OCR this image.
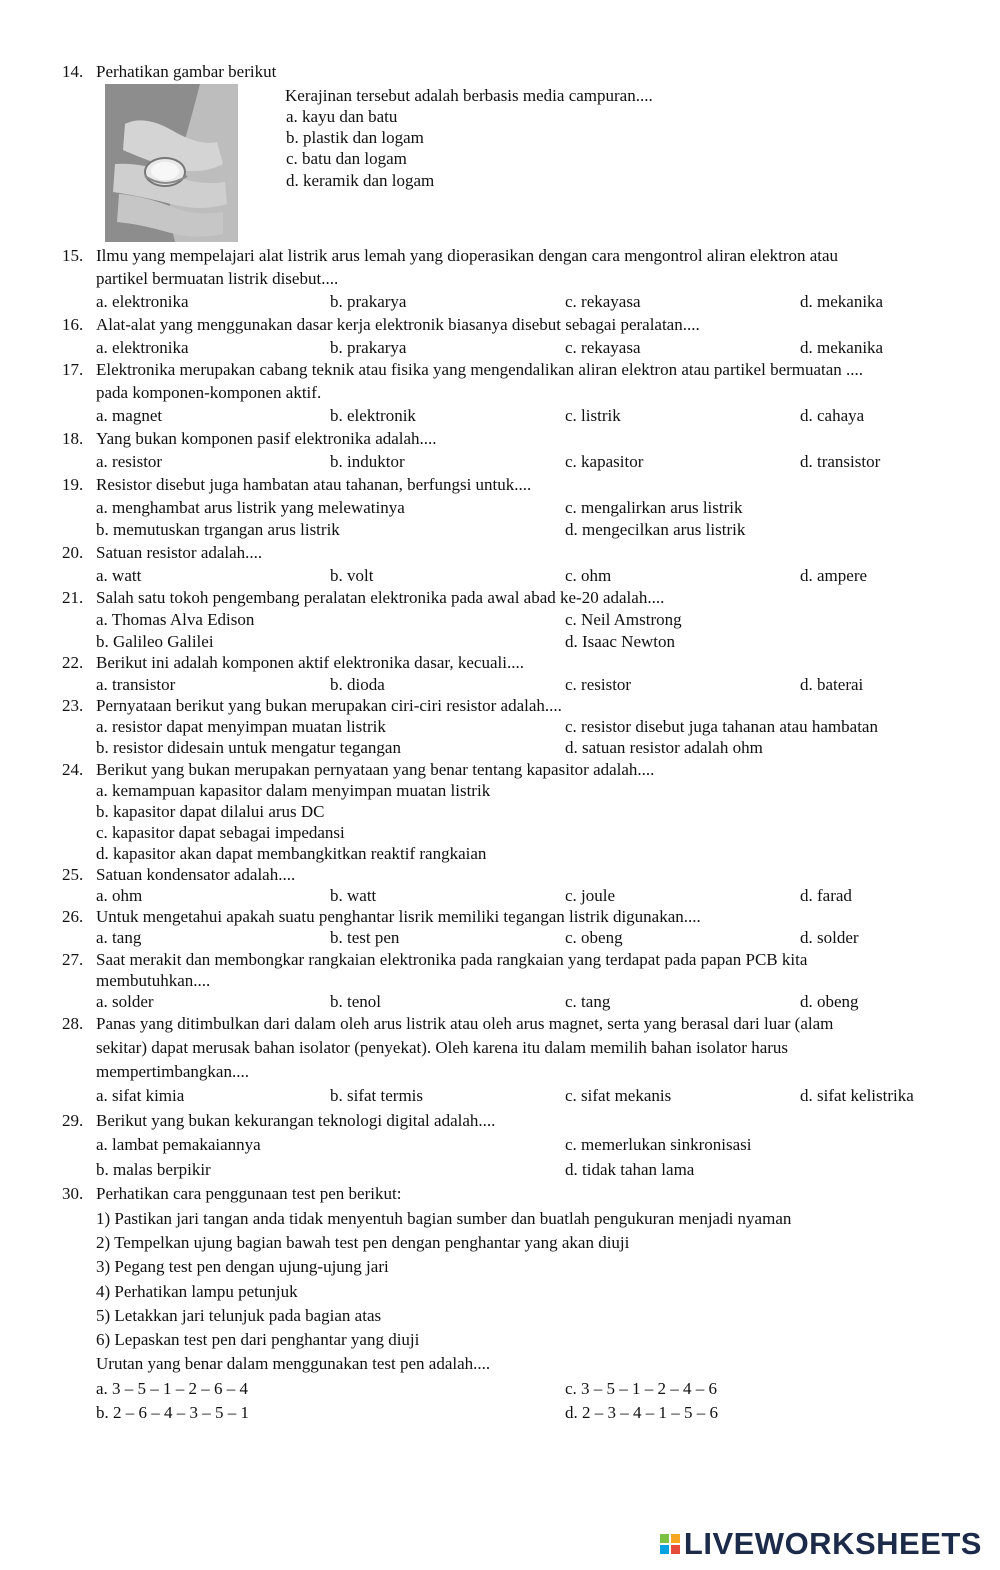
14. Perhatikan gambar berikut
Kerajinan tersebut adalah berbasis media campuran....
a. kayu dan batu
b. plastik dan logam
c. batu dan logam
d. keramik dan logam
15. Ilmu yang mempelajari alat listrik arus lemah yang dioperasikan dengan cara mengontrol aliran elektron atau
partikel bermuatan listrik disebut....
a. elektronika	b. prakarya	c. rekayasa	d. mekanika
16. Alat-alat yang menggunakan dasar kerja elektronik biasanya disebut sebagai peralatan....
a. elektronika	b. prakarya	c. rekayasa	d. mekanika
17. Elektronika merupakan cabang teknik atau fisika yang mengendalikan aliran elektron atau partikel bermuatan ....
pada komponen-komponen aktif.
a. magnet	b. elektronik	c. listrik	d. cahaya
18. Yang bukan komponen pasif elektronika adalah....
a. resistor	b. induktor	c. kapasitor	d. transistor
19. Resistor disebut juga hambatan atau tahanan, berfungsi untuk....
a. menghambat arus listrik yang melewatinya	c. mengalirkan arus listrik
b. memutuskan trgangan arus listrik	d. mengecilkan arus listrik
20. Satuan resistor adalah....
a. watt	b. volt	c. ohm	d. ampere
21. Salah satu tokoh pengembang peralatan elektronika pada awal abad ke-20 adalah....
a. Thomas Alva Edison	c. Neil Amstrong
b. Galileo Galilei	d. Isaac Newton
22. Berikut ini adalah komponen aktif elektronika dasar, kecuali....
a. transistor	b. dioda	c. resistor	d. baterai
23. Pernyataan berikut yang bukan merupakan ciri-ciri resistor adalah....
a. resistor dapat menyimpan muatan listrik	c. resistor disebut juga tahanan atau hambatan
b. resistor didesain untuk mengatur tegangan	d. satuan resistor adalah ohm
24. Berikut yang bukan merupakan pernyataan yang benar tentang kapasitor adalah....
a. kemampuan kapasitor dalam menyimpan muatan listrik
b. kapasitor dapat dilalui arus DC
c. kapasitor dapat sebagai impedansi
d. kapasitor akan dapat membangkitkan reaktif rangkaian
25. Satuan kondensator adalah....
a. ohm	b. watt	c. joule	d. farad
26. Untuk mengetahui apakah suatu penghantar lisrik memiliki tegangan listrik digunakan....
a. tang	b. test pen	c. obeng	d. solder
27. Saat merakit dan membongkar rangkaian elektronika pada rangkaian yang terdapat pada papan PCB kita
membutuhkan....
a. solder	b. tenol	c. tang	d. obeng
28. Panas yang ditimbulkan dari dalam oleh arus listrik atau oleh arus magnet, serta yang berasal dari luar (alam
sekitar) dapat merusak bahan isolator (penyekat). Oleh karena itu dalam memilih bahan isolator harus
mempertimbangkan....
a. sifat kimia	b. sifat termis	c. sifat mekanis	d. sifat kelistrika
29. Berikut yang bukan kekurangan teknologi digital adalah....
a. lambat pemakaiannya	c. memerlukan sinkronisasi
b. malas berpikir	d. tidak tahan lama
30. Perhatikan cara penggunaan test pen berikut:
1) Pastikan jari tangan anda tidak menyentuh bagian sumber dan buatlah pengukuran menjadi nyaman
2) Tempelkan ujung bagian bawah test pen dengan penghantar yang akan diuji
3) Pegang test pen dengan ujung-ujung jari
4) Perhatikan lampu petunjuk
5) Letakkan jari telunjuk pada bagian atas
6) Lepaskan test pen dari penghantar yang diuji
Urutan yang benar dalam menggunakan test pen adalah....
a. 3 – 5 – 1 – 2 – 6 – 4	c. 3 – 5 – 1 – 2 – 4 – 6
b. 2 – 6 – 4 – 3 – 5 – 1	d. 2 – 3 – 4 – 1 – 5 – 6
LIVEWORKSHEETS
